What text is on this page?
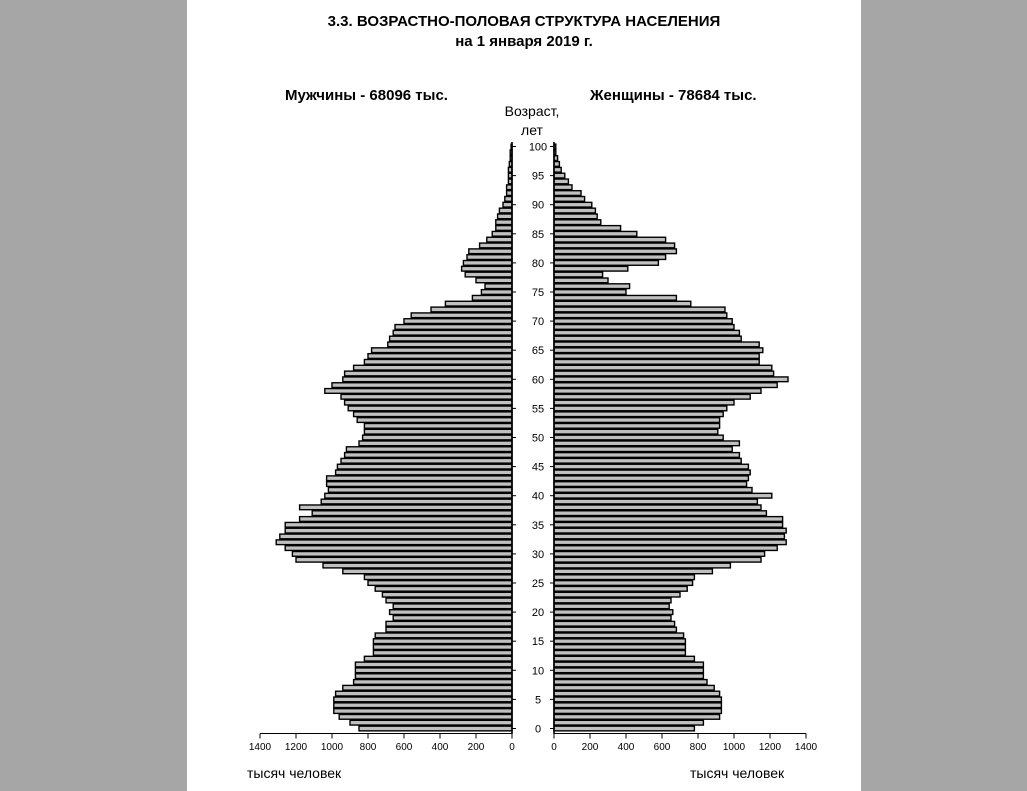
3.3. ВОЗРАСТНО-ПОЛОВАЯ СТРУКТУРА НАСЕЛЕНИЯ
на 1 января 2019 г.
Мужчины - 68096 тыс.	Женщины - 78684 тыс.
Возраст,
лет
тысяч человек	тысяч человек
0	0
200	200
400	400
600	600
800	800
1000	1000
1200	1200
1400	1400
0
5
10
15
20
25
30
35
40
45
50
55
60
65
70
75
80
85
90
95
100
